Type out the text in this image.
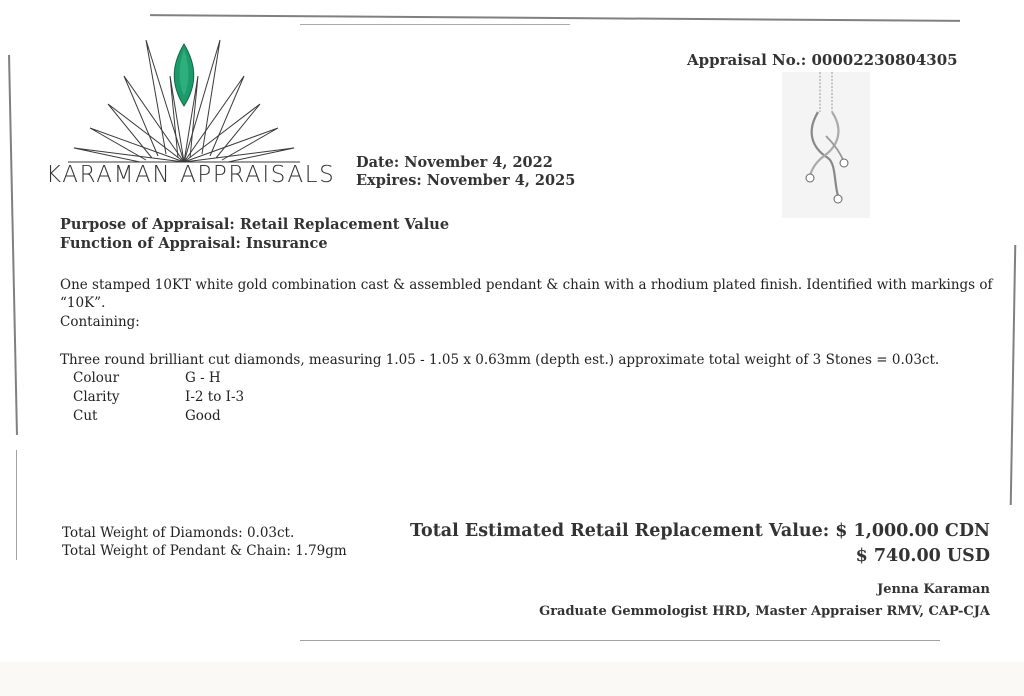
KARAMAN APPRAISALS
Appraisal No.: 00002230804305
Date: November 4, 2022
Expires: November 4, 2025
Purpose of Appraisal: Retail Replacement Value
Function of Appraisal: Insurance
One stamped 10KT white gold combination cast & assembled pendant & chain with a rhodium plated finish. Identified with markings of
“10K”.
Containing:
Three round brilliant cut diamonds, measuring 1.05 - 1.05 x 0.63mm (depth est.) approximate total weight of 3 Stones = 0.03ct.
Colour	G - H
Clarity	I-2 to I-3
Cut	Good
Total Weight of Diamonds: 0.03ct.
Total Weight of Pendant & Chain: 1.79gm
Total Estimated Retail Replacement Value: $ 1,000.00 CDN
$ 740.00 USD
Jenna Karaman
Graduate Gemmologist HRD, Master Appraiser RMV, CAP-CJA
